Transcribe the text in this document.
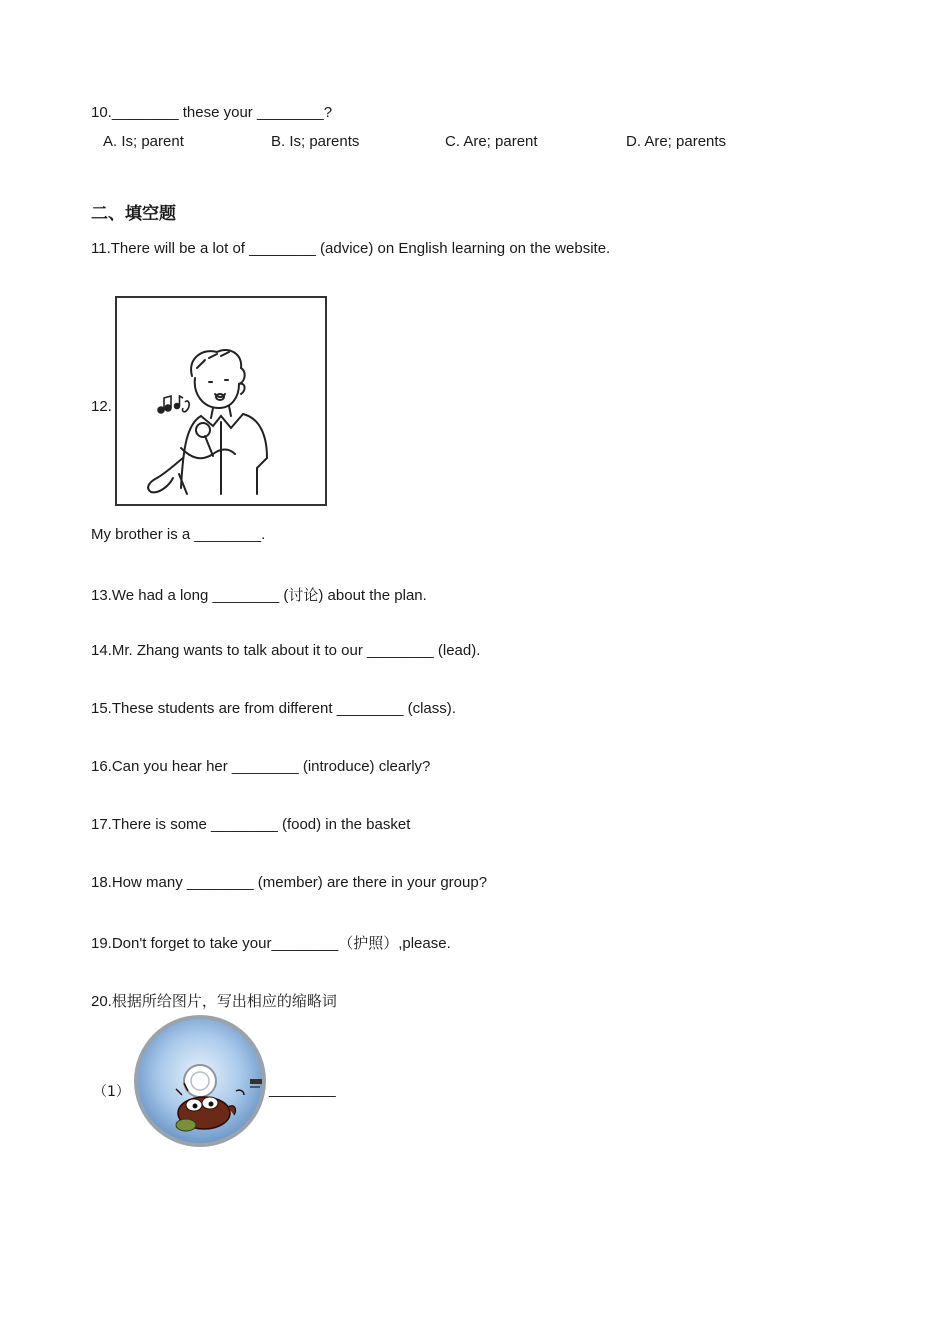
10.________ these your ________?
A. Is; parent	B. Is; parents	C. Are; parent	D. Are; parents
二、填空题
11.There will be a lot of ________ (advice) on English learning on the website.
12.
My brother is a ________.
13.We had a long ________ (讨论) about the plan.
14.Mr. Zhang wants to talk about it to our ________ (lead).
15.These students are from different ________ (class).
16.Can you hear her ________ (introduce) clearly?
17.There is some ________ (food) in the basket
18.How many ________ (member) are there in your group?
19.Don't forget to take your________（护照）,please.
20.根据所给图片，写出相应的缩略词
（1）	________
